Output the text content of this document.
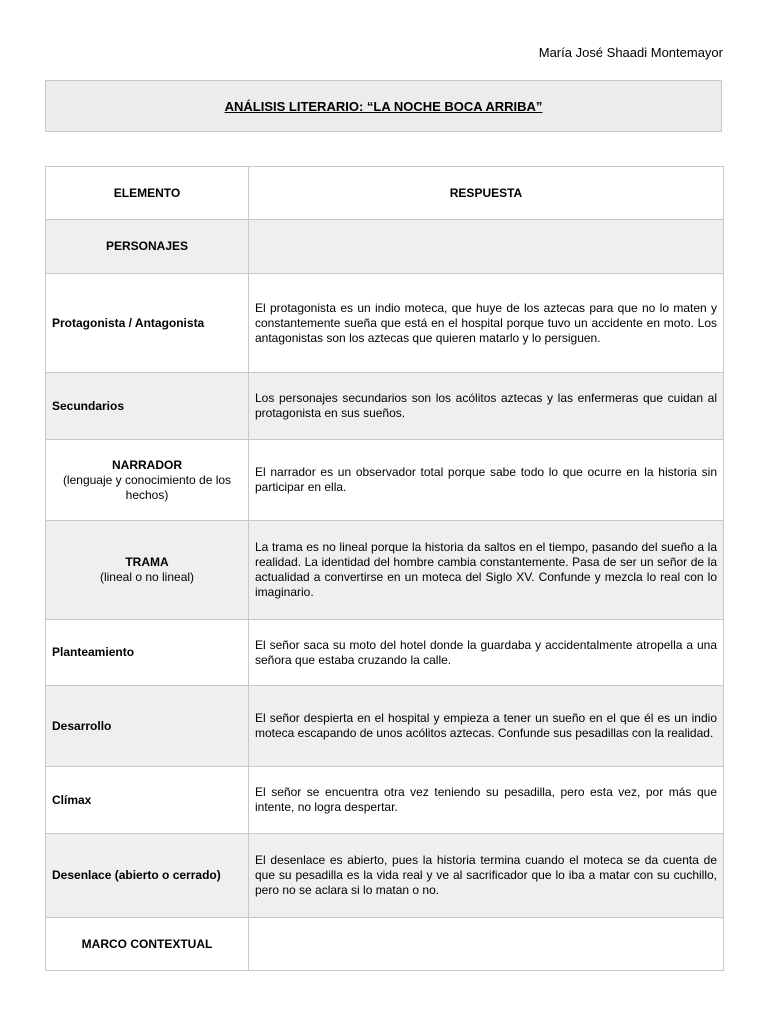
María José Shaadi Montemayor
ANÁLISIS LITERARIO: “LA NOCHE BOCA ARRIBA”
ELEMENTO	RESPUESTA
PERSONAJES	
Protagonista / Antagonista	El protagonista es un indio moteca, que huye de los aztecas para que no lo maten y constantemente sueña que está en el hospital porque tuvo un accidente en moto. Los antagonistas son los aztecas que quieren matarlo y lo persiguen.
Secundarios	Los personajes secundarios son los acólitos aztecas y las enfermeras que cuidan al protagonista en sus sueños.
NARRADOR
(lenguaje y conocimiento de los hechos)	El narrador es un observador total porque sabe todo lo que ocurre en la historia sin participar en ella.
TRAMA
(lineal o no lineal)	La trama es no lineal porque la historia da saltos en el tiempo, pasando del sueño a la realidad. La identidad del hombre cambia constantemente. Pasa de ser un señor de la actualidad a convertirse en un moteca del Siglo XV. Confunde y mezcla lo real con lo imaginario.
Planteamiento	El señor saca su moto del hotel donde la guardaba y accidentalmente atropella a una señora que estaba cruzando la calle.
Desarrollo	El señor despierta en el hospital y empieza a tener un sueño en el que él es un indio moteca escapando de unos acólitos aztecas. Confunde sus pesadillas con la realidad.
Clímax	El señor se encuentra otra vez teniendo su pesadilla, pero esta vez, por más que intente, no logra despertar.
Desenlace (abierto o cerrado)	El desenlace es abierto, pues la historia termina cuando el moteca se da cuenta de que su pesadilla es la vida real y ve al sacrificador que lo iba a matar con su cuchillo, pero no se aclara si lo matan o no.
MARCO CONTEXTUAL	
